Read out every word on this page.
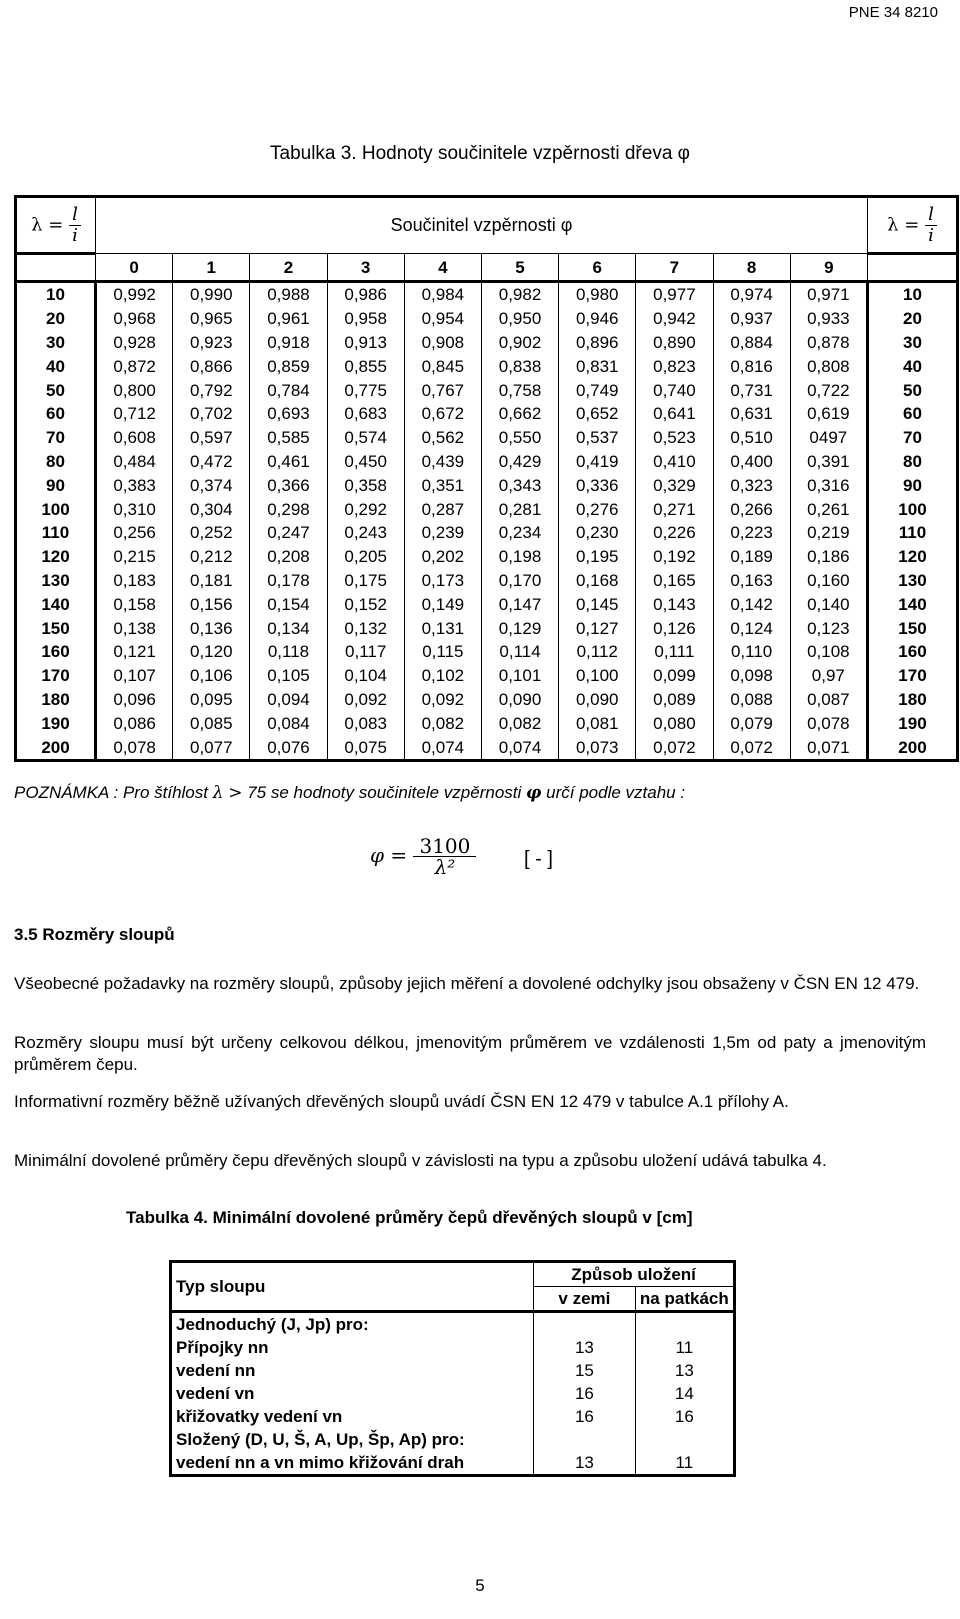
PNE 34 8210
Tabulka 3. Hodnoty součinitele vzpěrnosti dřeva φ
$\lambda = \frac{l}{i}$	Součinitel vzpěrnosti φ										$\lambda = \frac{l}{i}$

	0	1	2	3	4	5	6	7	8	9	
10	0,992	0,990	0,988	0,986	0,984	0,982	0,980	0,977	0,974	0,971	10
20	0,968	0,965	0,961	0,958	0,954	0,950	0,946	0,942	0,937	0,933	20
30	0,928	0,923	0,918	0,913	0,908	0,902	0,896	0,890	0,884	0,878	30
40	0,872	0,866	0,859	0,855	0,845	0,838	0,831	0,823	0,816	0,808	40
50	0,800	0,792	0,784	0,775	0,767	0,758	0,749	0,740	0,731	0,722	50
60	0,712	0,702	0,693	0,683	0,672	0,662	0,652	0,641	0,631	0,619	60
70	0,608	0,597	0,585	0,574	0,562	0,550	0,537	0,523	0,510	0497	70
80	0,484	0,472	0,461	0,450	0,439	0,429	0,419	0,410	0,400	0,391	80
90	0,383	0,374	0,366	0,358	0,351	0,343	0,336	0,329	0,323	0,316	90
100	0,310	0,304	0,298	0,292	0,287	0,281	0,276	0,271	0,266	0,261	100
110	0,256	0,252	0,247	0,243	0,239	0,234	0,230	0,226	0,223	0,219	110
120	0,215	0,212	0,208	0,205	0,202	0,198	0,195	0,192	0,189	0,186	120
130	0,183	0,181	0,178	0,175	0,173	0,170	0,168	0,165	0,163	0,160	130
140	0,158	0,156	0,154	0,152	0,149	0,147	0,145	0,143	0,142	0,140	140
150	0,138	0,136	0,134	0,132	0,131	0,129	0,127	0,126	0,124	0,123	150
160	0,121	0,120	0,118	0,117	0,115	0,114	0,112	0,111	0,110	0,108	160
170	0,107	0,106	0,105	0,104	0,102	0,101	0,100	0,099	0,098	0,97	170
180	0,096	0,095	0,094	0,092	0,092	0,090	0,090	0,089	0,088	0,087	180
190	0,086	0,085	0,084	0,083	0,082	0,082	0,081	0,080	0,079	0,078	190
200	0,078	0,077	0,076	0,075	0,074	0,074	0,073	0,072	0,072	0,071	200
POZNÁMKA : Pro štíhlost λ > 75 se hodnoty součinitele vzpěrnosti φ určí podle vztahu :
$\varphi = \frac{3100}{\text{λ²}}$ [ - ]
3.5 Rozměry sloupů
Všeobecné požadavky na rozměry sloupů, způsoby jejich měření a dovolené odchylky jsou obsaženy v ČSN EN 12 479.
Rozměry sloupu musí být určeny celkovou délkou, jmenovitým průměrem ve vzdálenosti 1,5m od paty a jmenovitým průměrem čepu.
Informativní rozměry běžně užívaných dřevěných sloupů uvádí ČSN EN 12 479 v tabulce A.1 přílohy A.
Minimální dovolené průměry čepu dřevěných sloupů v závislosti na typu a způsobu uložení udává tabulka 4.
Tabulka 4. Minimální dovolené průměry čepů dřevěných sloupů v [cm]
Typ sloupu	Způsob uložení	
	v zemi	na patkách
Jednoduchý (J, Jp) pro:		
Přípojky nn	13	11
vedení nn	15	13
vedení vn	16	14
křižovatky vedení vn	16	16
Složený (D, U, Š, A, Up, Šp, Ap) pro:		
vedení nn a vn mimo křižování drah	13	11
5
